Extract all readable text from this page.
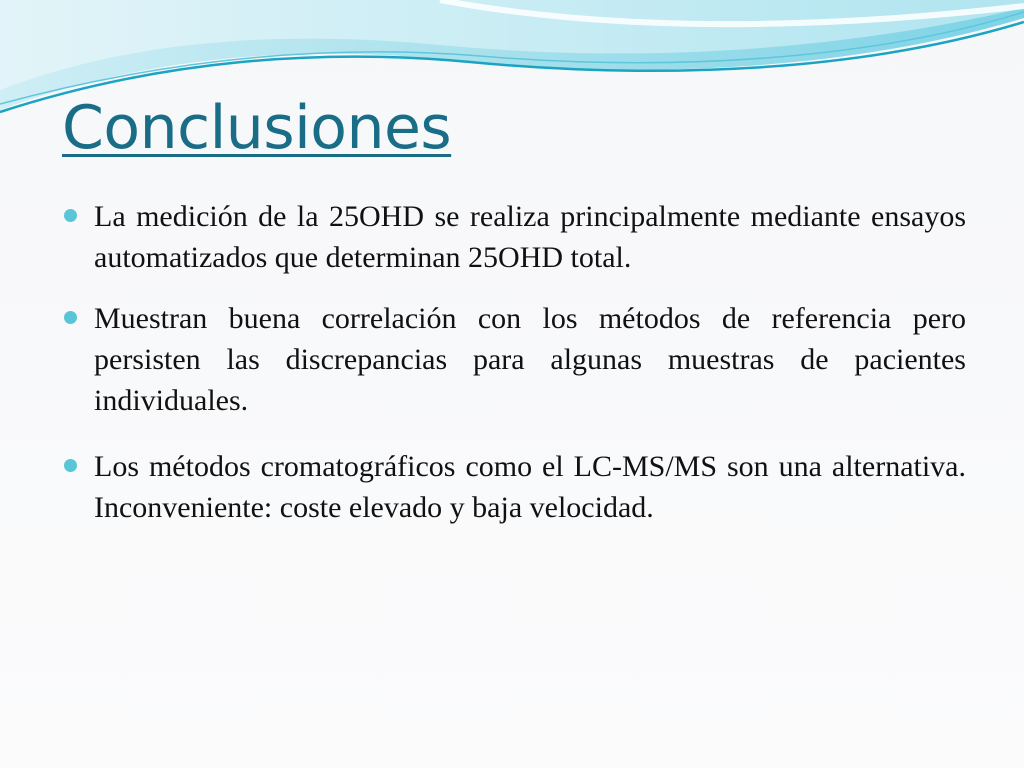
Conclusiones
La medición de la 25OHD se realiza principalmente mediante ensayos automatizados que determinan 25OHD total.
Muestran buena correlación con los métodos de referencia pero persisten las discrepancias para algunas muestras de pacientes individuales.
Los métodos cromatográficos como el LC-MS/MS son una alternativa. Inconveniente: coste elevado y baja velocidad.
